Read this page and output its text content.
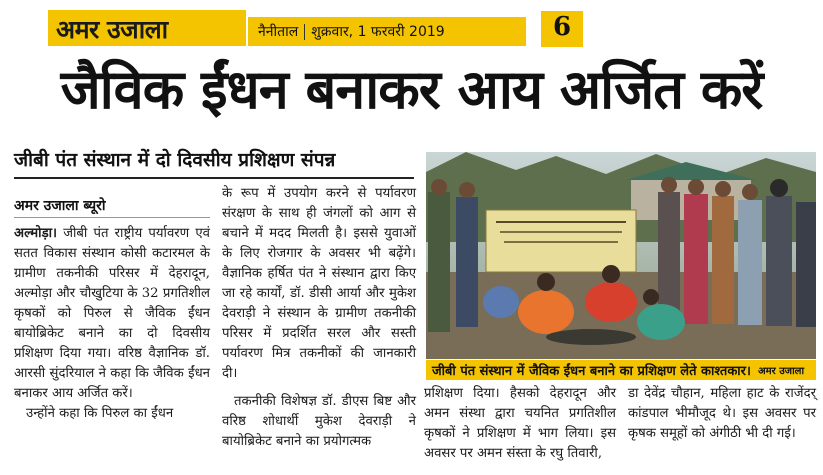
अमर उजाला	नैनीताल शुक्रवार, 1 फरवरी 2019	6
जैविक ईंधन बनाकर आय अर्जित करें
जीबी पंत संस्थान में दो दिवसीय प्रशिक्षण संपन्न
अमर उजाला ब्यूरो

अल्मोड़ा। जीबी पंत राष्ट्रीय पर्यावरण एवं सतत विकास संस्थान कोसी कटारमल के ग्रामीण तकनीकी परिसर में देहरादून, अल्मोड़ा और चौखुटिया के 32 प्रगतिशील कृषकों को पिरुल से जैविक ईंधन बायोब्रिकेट बनाने का दो दिवसीय प्रशिक्षण दिया गया। वरिष्ठ वैज्ञानिक डॉ. आरसी सुंदरियाल ने कहा कि जैविक ईंधन बनाकर आय अर्जित करें।

उन्होंने कहा कि पिरुल का ईंधन

के रूप में उपयोग करने से पर्यावरण संरक्षण के साथ ही जंगलों को आग से बचाने में मदद मिलती है। इससे युवाओं के लिए रोजगार के अवसर भी बढ़ेंगे। वैज्ञानिक हर्षित पंत ने संस्थान द्वारा किए जा रहे कार्यों, डॉ. डीसी आर्या और मुकेश देवराड़ी ने संस्थान के ग्रामीण तकनीकी परिसर में प्रदर्शित सरल और सस्ती पर्यावरण मित्र तकनीकों की जानकारी दी।

तकनीकी विशेषज्ञ डॉ. डीएस बिष्ट और वरिष्ठ शोधार्थी मुकेश देवराड़ी ने बायोब्रिकेट बनाने का प्रयोगत्मक

जीबी पंत संस्थान में जैविक ईंधन बनाने का प्रशिक्षण लेते काश्तकार। अमर उजाला

प्रशिक्षण दिया। हैसको देहरादून और अमन संस्था द्वारा चयनित प्रगतिशील कृषकों ने प्रशिक्षण में भाग लिया। इस अवसर पर अमन संस्ता के रघु तिवारी,

डा देवेंद्र चौहान, महिला हाट के राजेंदर् कांडपाल भीमौजूद थे। इस अवसर पर कृषक समूहों को अंगीठी भी दी गई।
